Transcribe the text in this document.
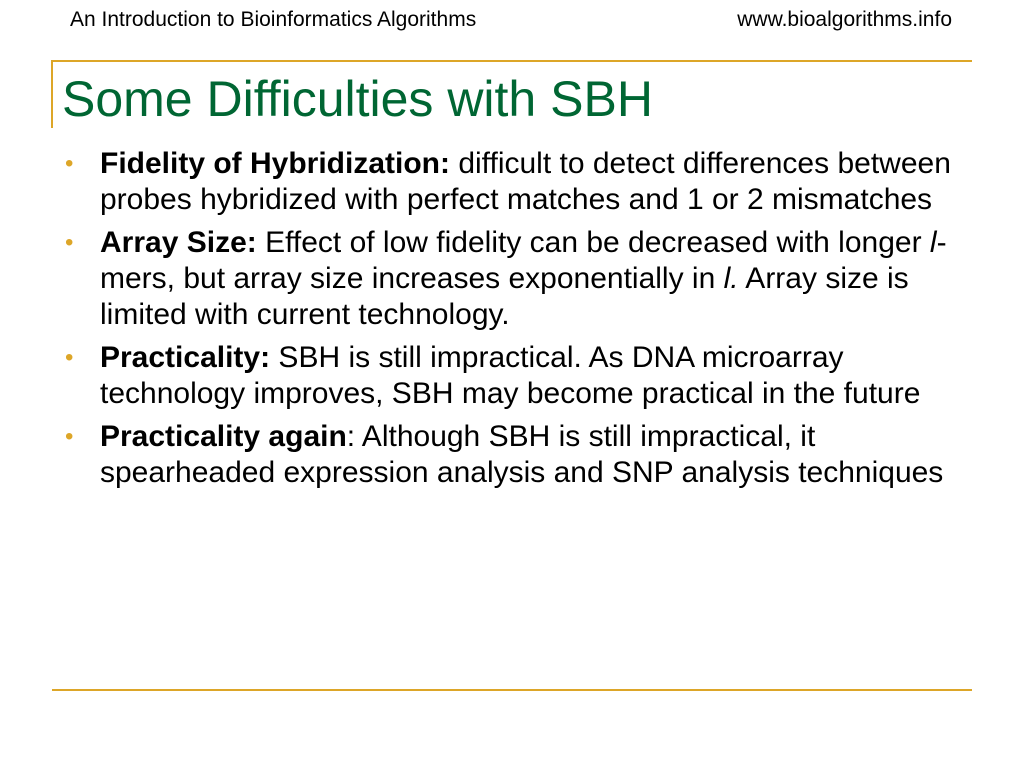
An Introduction to Bioinformatics Algorithms	www.bioalgorithms.info
Some Difficulties with SBH
• Fidelity of Hybridization: difficult to detect differences between probes hybridized with perfect matches and 1 or 2 mismatches
• Array Size: Effect of low fidelity can be decreased with longer l-mers, but array size increases exponentially in l. Array size is limited with current technology.
• Practicality: SBH is still impractical. As DNA microarray technology improves, SBH may become practical in the future
• Practicality again: Although SBH is still impractical, it spearheaded expression analysis and SNP analysis techniques
